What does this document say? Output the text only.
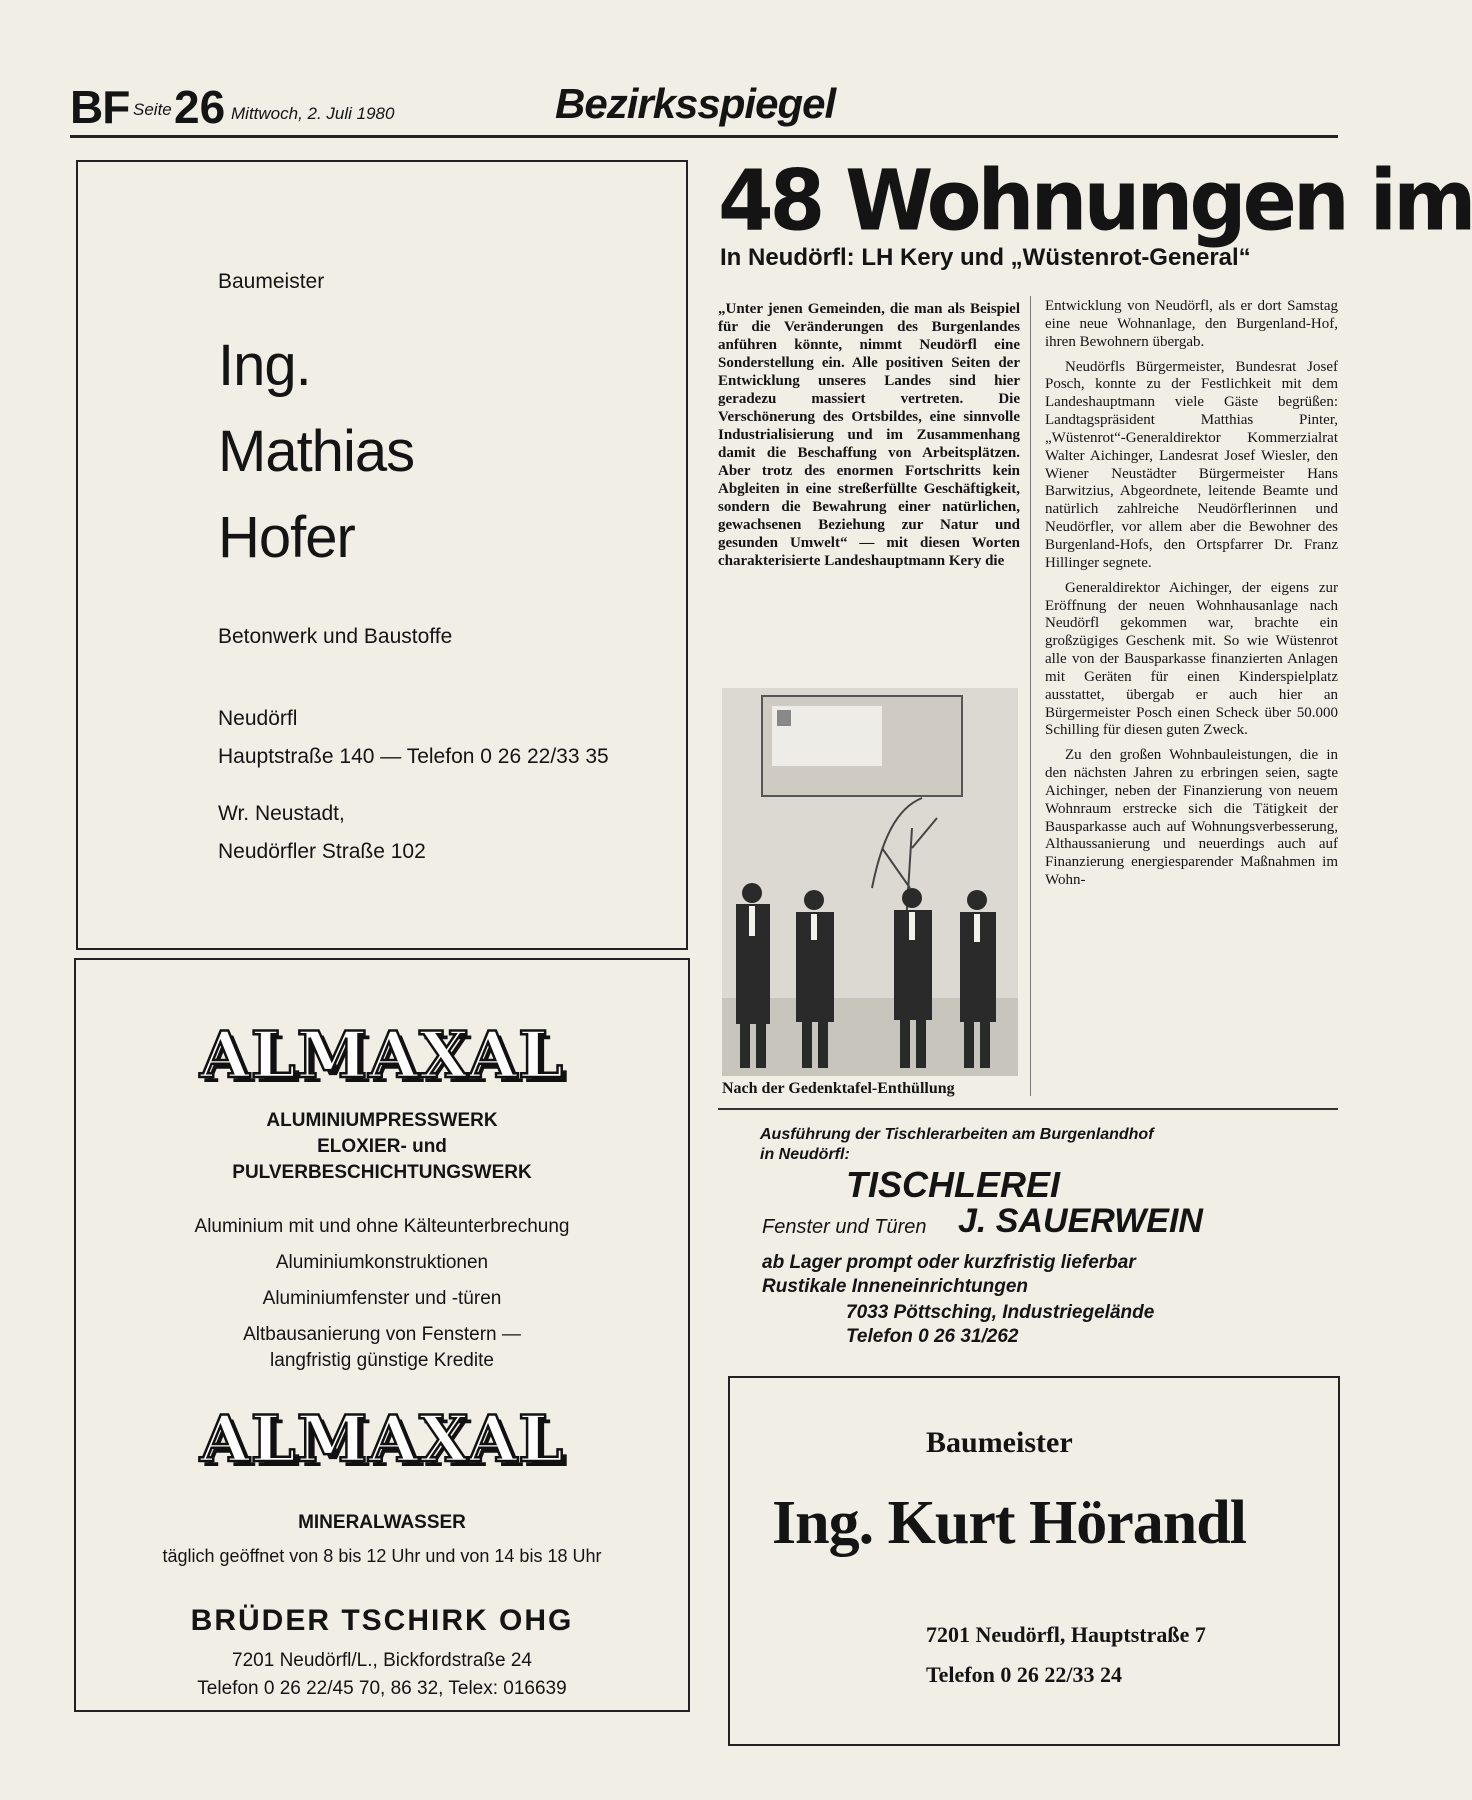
BF Seite 26 Mittwoch, 2. Juli 1980	Bezirksspiegel
Baumeister
Ing.
Mathias
Hofer
Betonwerk und Baustoffe
Neudörfl
Hauptstraße 140 — Telefon 0 26 22/33 35
Wr. Neustadt,
Neudörfler Straße 102
ALMAXAL
ALUMINIUMPRESSWERK
ELOXIER- und
PULVERBESCHICHTUNGSWERK
Aluminium mit und ohne Kälteunterbrechung
Aluminiumkonstruktionen
Aluminiumfenster und -türen
Altbausanierung von Fenstern —
langfristig günstige Kredite
ALMAXAL
MINERALWASSER
täglich geöffnet von 8 bis 12 Uhr und von 14 bis 18 Uhr
BRÜDER TSCHIRK OHG
7201 Neudörfl/L., Bickfordstraße 24
Telefon 0 26 22/45 70, 86 32, Telex: 016639
48 Wohnungen im
In Neudörfl: LH Kery und „Wüstenrot-General“

„Unter jenen Gemeinden, die man als Beispiel für die Veränderungen des Burgenlandes anführen könnte, nimmt Neudörfl eine Sonderstellung ein. Alle positiven Seiten der Entwicklung unseres Landes sind hier geradezu massiert vertreten. Die Verschönerung des Ortsbildes, eine sinnvolle Industrialisierung und im Zusammenhang damit die Beschaffung von Arbeitsplätzen. Aber trotz des enormen Fortschritts kein Abgleiten in eine streßerfüllte Geschäftigkeit, sondern die Bewahrung einer natürlichen, gewachsenen Beziehung zur Natur und gesunden Umwelt“ — mit diesen Worten charakterisierte Landeshauptmann Kery die

Nach der Gedenktafel-Enthüllung

Entwicklung von Neudörfl, als er dort Samstag eine neue Wohnanlage, den Burgenland-Hof, ihren Bewohnern übergab.

Neudörfls Bürgermeister, Bundesrat Josef Posch, konnte zu der Festlichkeit mit dem Landeshauptmann viele Gäste begrüßen: Landtagspräsident Matthias Pinter, „Wüstenrot“-Generaldirektor Kommerzialrat Walter Aichinger, Landesrat Josef Wiesler, den Wiener Neustädter Bürgermeister Hans Barwitzius, Abgeordnete, leitende Beamte und natürlich zahlreiche Neudörflerinnen und Neudörfler, vor allem aber die Bewohner des Burgenland-Hofs, den Ortspfarrer Dr. Franz Hillinger segnete.

Generaldirektor Aichinger, der eigens zur Eröffnung der neuen Wohnhausanlage nach Neudörfl gekommen war, brachte ein großzügiges Geschenk mit. So wie Wüstenrot alle von der Bausparkasse finanzierten Anlagen mit Geräten für einen Kinderspielplatz ausstattet, übergab er auch hier an Bürgermeister Posch einen Scheck über 50.000 Schilling für diesen guten Zweck.

Zu den großen Wohnbauleistungen, die in den nächsten Jahren zu erbringen seien, sagte Aichinger, neben der Finanzierung von neuem Wohnraum erstrecke sich die Tätigkeit der Bausparkasse auch auf Wohnungsverbesserung, Althaussanierung und neuerdings auch auf Finanzierung energiesparender Maßnahmen im Wohn-

Ausführung der Tischlerarbeiten am Burgenlandhof
in Neudörfl:
TISCHLEREI
Fenster und Türen J. SAUERWEIN
ab Lager prompt oder kurzfristig lieferbar
Rustikale Inneneinrichtungen
7033 Pöttsching, Industriegelände
Telefon 0 26 31/262
Baumeister
Ing. Kurt Hörandl
7201 Neudörfl, Hauptstraße 7
Telefon 0 26 22/33 24
